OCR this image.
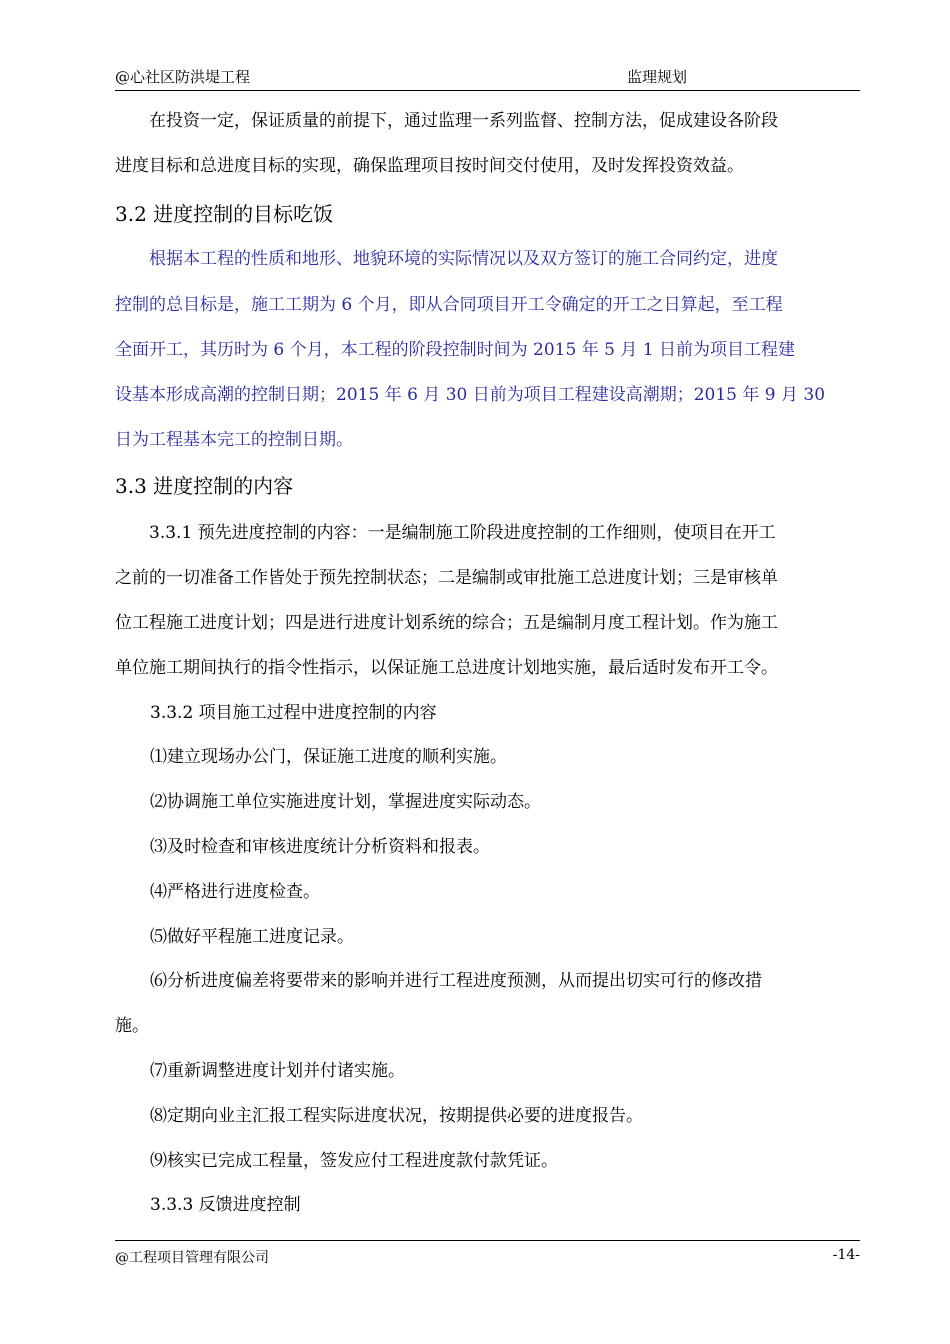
@心社区防洪堤工程	监理规划
　　在投资一定，保证质量的前提下，通过监理一系列监督、控制方法，促成建设各阶段
进度目标和总进度目标的实现，确保监理项目按时间交付使用，及时发挥投资效益。
3.2 进度控制的目标吃饭
　　根据本工程的性质和地形、地貌环境的实际情况以及双方签订的施工合同约定，进度
控制的总目标是，施工工期为 6 个月，即从合同项目开工令确定的开工之日算起，至工程
全面开工，其历时为 6 个月，本工程的阶段控制时间为 2015 年 5 月 1 日前为项目工程建
设基本形成高潮的控制日期；2015 年 6 月 30 日前为项目工程建设高潮期；2015 年 9 月 30
日为工程基本完工的控制日期。
3.3 进度控制的内容
　　3.3.1 预先进度控制的内容：一是编制施工阶段进度控制的工作细则，使项目在开工
之前的一切准备工作皆处于预先控制状态；二是编制或审批施工总进度计划；三是审核单
位工程施工进度计划；四是进行进度计划系统的综合；五是编制月度工程计划。作为施工
单位施工期间执行的指令性指示，以保证施工总进度计划地实施，最后适时发布开工令。
3.3.2 项目施工过程中进度控制的内容
⑴建立现场办公门，保证施工进度的顺利实施。
⑵协调施工单位实施进度计划，掌握进度实际动态。
⑶及时检查和审核进度统计分析资料和报表。
⑷严格进行进度检查。
⑸做好平程施工进度记录。
⑹分析进度偏差将要带来的影响并进行工程进度预测，从而提出切实可行的修改措
施。
⑺重新调整进度计划并付诸实施。
⑻定期向业主汇报工程实际进度状况，按期提供必要的进度报告。
⑼核实已完成工程量，签发应付工程进度款付款凭证。
3.3.3 反馈进度控制
@工程项目管理有限公司	-14-
